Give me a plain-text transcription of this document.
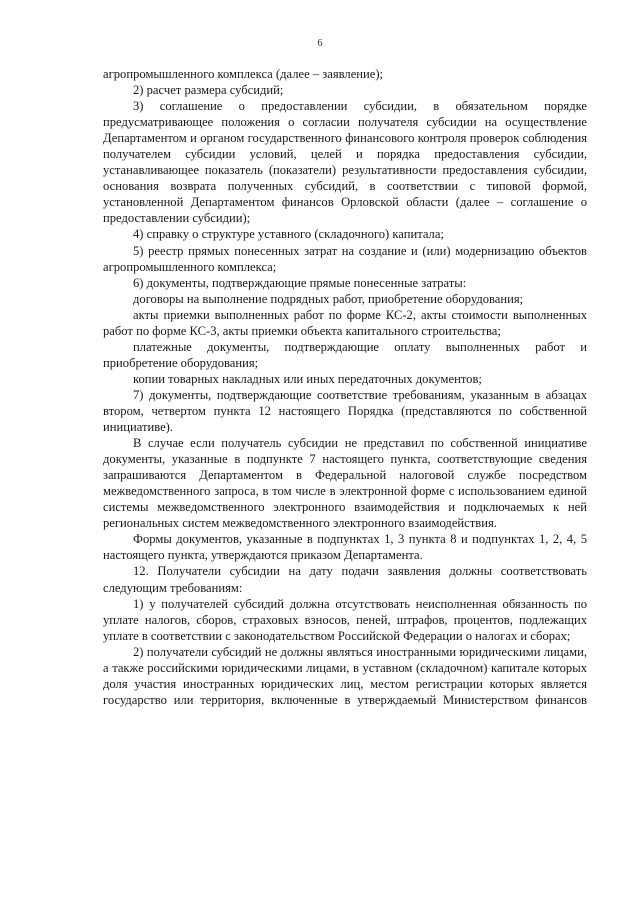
6

агропромышленного комплекса (далее – заявление);

2) расчет размера субсидий;

3) соглашение о предоставлении субсидии, в обязательном порядке предусматривающее положения о согласии получателя субсидии на осуществление Департаментом и органом государственного финансового контроля проверок соблюдения получателем субсидии условий, целей и порядка предоставления субсидии, устанавливающее показатель (показатели) результативности предоставления субсидии, основания возврата полученных субсидий, в соответствии с типовой формой, установленной Департаментом финансов Орловской области (далее – соглашение о предоставлении субсидии);

4) справку о структуре уставного (складочного) капитала;

5) реестр прямых понесенных затрат на создание и (или) модернизацию объектов агропромышленного комплекса;

6) документы, подтверждающие прямые понесенные затраты:

договоры на выполнение подрядных работ, приобретение оборудования;

акты приемки выполненных работ по форме КС-2, акты стоимости выполненных работ по форме КС-3, акты приемки объекта капитального строительства;

платежные документы, подтверждающие оплату выполненных работ и приобретение оборудования;

копии товарных накладных или иных передаточных документов;

7) документы, подтверждающие соответствие требованиям, указанным в абзацах втором, четвертом пункта 12 настоящего Порядка (представляются по собственной инициативе).

В случае если получатель субсидии не представил по собственной инициативе документы, указанные в подпункте 7 настоящего пункта, соответствующие сведения запрашиваются Департаментом в Федеральной налоговой службе посредством межведомственного запроса, в том числе в электронной форме с использованием единой системы межведомственного электронного взаимодействия и подключаемых к ней региональных систем межведомственного электронного взаимодействия.

Формы документов, указанные в подпунктах 1, 3 пункта 8 и подпунктах 1, 2, 4, 5 настоящего пункта, утверждаются приказом Департамента.

12. Получатели субсидии на дату подачи заявления должны соответствовать следующим требованиям:

1) у получателей субсидий должна отсутствовать неисполненная обязанность по уплате налогов, сборов, страховых взносов, пеней, штрафов, процентов, подлежащих уплате в соответствии с законодательством Российской Федерации о налогах и сборах;

2) получатели субсидий не должны являться иностранными юридическими лицами, а также российскими юридическими лицами, в уставном (складочном) капитале которых доля участия иностранных юридических лиц, местом регистрации которых является государство или территория, включенные в утверждаемый Министерством финансов
